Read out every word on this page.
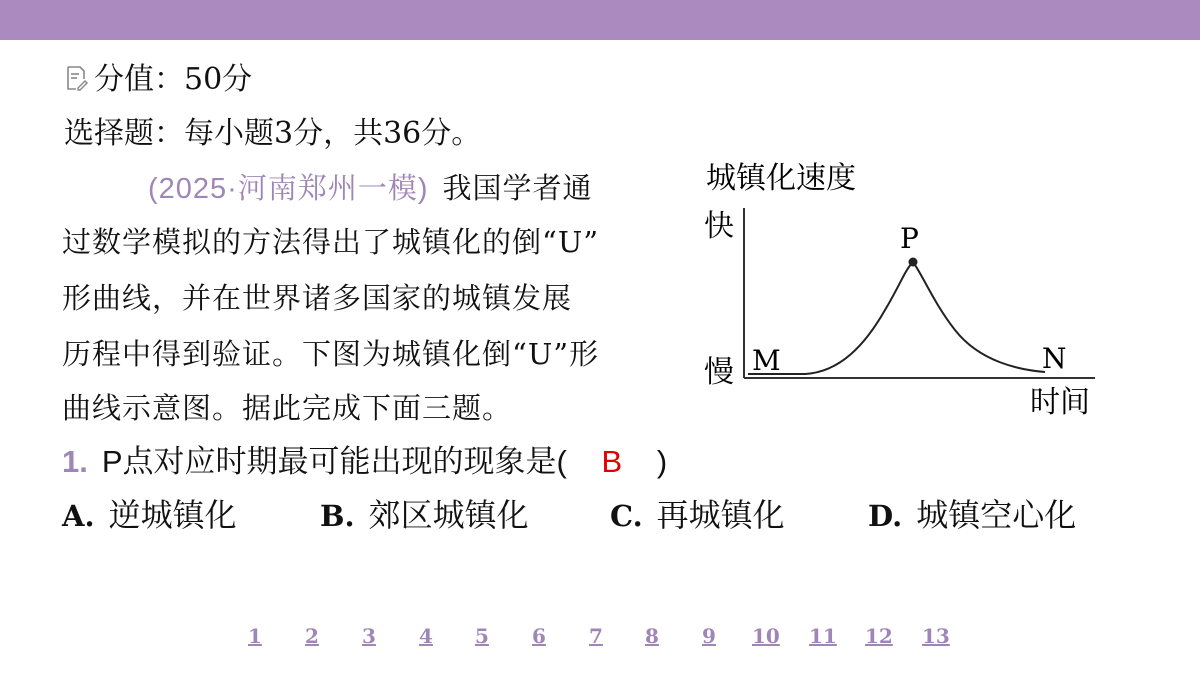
分值：50分
选择题：每小题3分，共36分。
(2025·河南郑州一模) 我国学者通
过数学模拟的方法得出了城镇化的倒“U”
形曲线，并在世界诸多国家的城镇发展
历程中得到验证。下图为城镇化倒“U”形
曲线示意图。据此完成下面三题。
城镇化速度
快
慢
P
M	N
时间
1. P点对应时期最可能出现的现象是( B )
A. 逆城镇化	B. 郊区城镇化	C. 再城镇化	D. 城镇空心化
1 2 3 4 5 6 7 8 9 10 11 12 13
